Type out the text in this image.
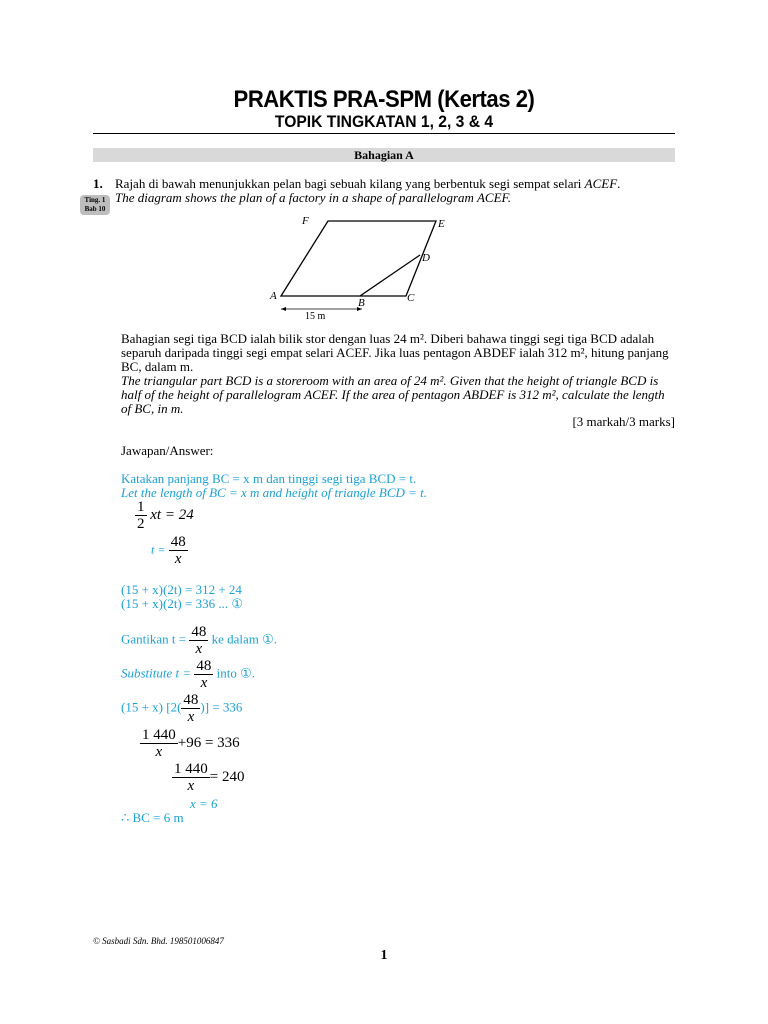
PRAKTIS PRA-SPM (Kertas 2)
TOPIK TINGKATAN 1, 2, 3 & 4
Bahagian A
1.
Ting. 1
Bab 10
Rajah di bawah menunjukkan pelan bagi sebuah kilang yang berbentuk segi sempat selari ACEF.
The diagram shows the plan of a factory in a shape of parallelogram ACEF.
F	E
D
A
B	C
15 m
Bahagian segi tiga BCD ialah bilik stor dengan luas 24 m². Diberi bahawa tinggi segi tiga BCD adalah
separuh daripada tinggi segi empat selari ACEF. Jika luas pentagon ABDEF ialah 312 m², hitung panjang
BC, dalam m.
The triangular part BCD is a storeroom with an area of 24 m². Given that the height of triangle BCD is
half of the height of parallelogram ACEF. If the area of pentagon ABDEF is 312 m², calculate the length
of BC, in m.
[3 markah/3 marks]
Jawapan/Answer:
Katakan panjang BC = x m dan tinggi segi tiga BCD = t.
Let the length of BC = x m and height of triangle BCD = t.
$\frac{1}{2}$ xt = 24
$t = \frac{48}{x}$
(15 + x)(2t) = 312 + 24
(15 + x)(2t) = 336 ... ①
Gantikan $t = \frac{48}{x}$ ke dalam ①.
Substitute $t = \frac{48}{x}$ into ①.
(15 + x) [$2( \frac{48}{x}$ )] = 336
$\frac{1 440}{x} +96 = 336$
$\frac{1 440}{x} = 240$
x = 6
∴ BC = 6 m
© Sasbadi Sdn. Bhd. 198501006847
1
